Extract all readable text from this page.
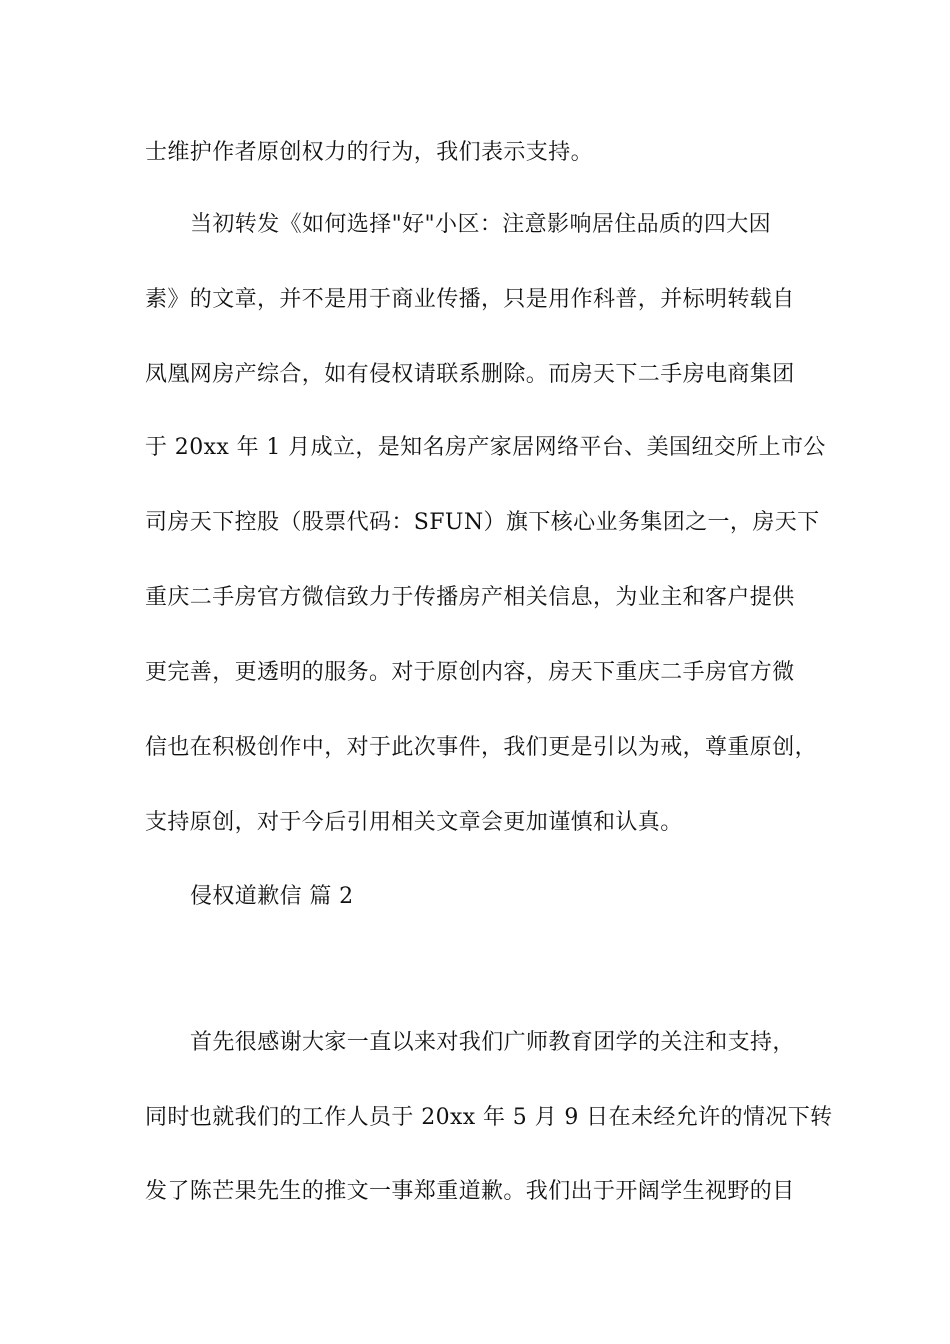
士维护作者原创权力的行为，我们表示支持。
当初转发《如何选择"好"小区：注意影响居住品质的四大因
素》的文章，并不是用于商业传播，只是用作科普，并标明转载自
凤凰网房产综合，如有侵权请联系删除。而房天下二手房电商集团
于 20xx 年 1 月成立，是知名房产家居网络平台、美国纽交所上市公
司房天下控股（股票代码：SFUN）旗下核心业务集团之一，房天下
重庆二手房官方微信致力于传播房产相关信息，为业主和客户提供
更完善，更透明的服务。对于原创内容，房天下重庆二手房官方微
信也在积极创作中，对于此次事件，我们更是引以为戒，尊重原创，
支持原创，对于今后引用相关文章会更加谨慎和认真。
侵权道歉信 篇 2
首先很感谢大家一直以来对我们广师教育团学的关注和支持，
同时也就我们的工作人员于 20xx 年 5 月 9 日在未经允许的情况下转
发了陈芒果先生的推文一事郑重道歉。我们出于开阔学生视野的目
